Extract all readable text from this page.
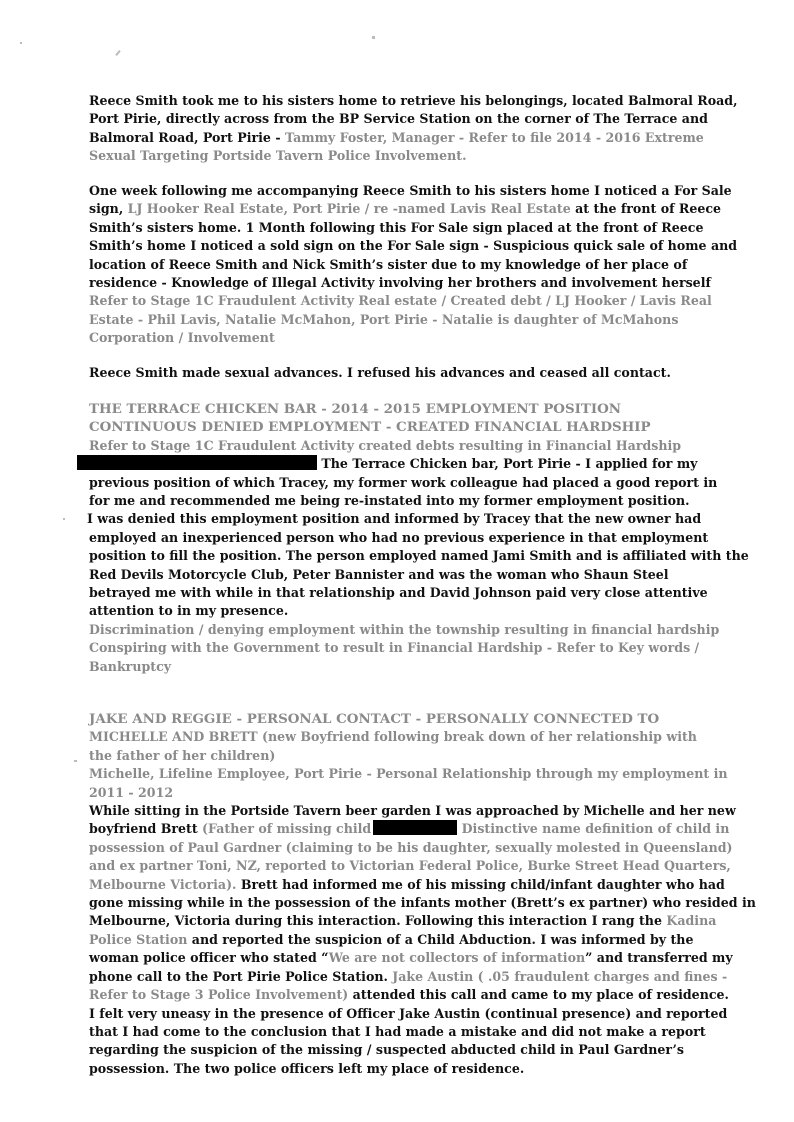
Reece Smith took me to his sisters home to retrieve his belongings, located Balmoral Road,
Port Pirie, directly across from the BP Service Station on the corner of The Terrace and
Balmoral Road, Port Pirie - Tammy Foster, Manager - Refer to file 2014 - 2016 Extreme
Sexual Targeting Portside Tavern Police Involvement.
One week following me accompanying Reece Smith to his sisters home I noticed a For Sale
sign, LJ Hooker Real Estate, Port Pirie / re -named Lavis Real Estate at the front of Reece
Smith’s sisters home. 1 Month following this For Sale sign placed at the front of Reece
Smith’s home I noticed a sold sign on the For Sale sign - Suspicious quick sale of home and
location of Reece Smith and Nick Smith’s sister due to my knowledge of her place of
residence - Knowledge of Illegal Activity involving her brothers and involvement herself
Refer to Stage 1C Fraudulent Activity Real estate / Created debt / LJ Hooker / Lavis Real
Estate - Phil Lavis, Natalie McMahon, Port Pirie - Natalie is daughter of McMahons
Corporation / Involvement
Reece Smith made sexual advances. I refused his advances and ceased all contact.
THE TERRACE CHICKEN BAR - 2014 - 2015 EMPLOYMENT POSITION
CONTINUOUS DENIED EMPLOYMENT - CREATED FINANCIAL HARDSHIP
Refer to Stage 1C Fraudulent Activity created debts resulting in Financial Hardship
The Terrace Chicken bar, Port Pirie - I applied for my
previous position of which Tracey, my former work colleague had placed a good report in
for me and recommended me being re-instated into my former employment position.
I was denied this employment position and informed by Tracey that the new owner had
employed an inexperienced person who had no previous experience in that employment
position to fill the position. The person employed named Jami Smith and is affiliated with the
Red Devils Motorcycle Club, Peter Bannister and was the woman who Shaun Steel
betrayed me with while in that relationship and David Johnson paid very close attentive
attention to in my presence.
Discrimination / denying employment within the township resulting in financial hardship
Conspiring with the Government to result in Financial Hardship - Refer to Key words /
Bankruptcy
JAKE AND REGGIE - PERSONAL CONTACT - PERSONALLY CONNECTED TO
MICHELLE AND BRETT (new Boyfriend following break down of her relationship with
the father of her children)
Michelle, Lifeline Employee, Port Pirie - Personal Relationship through my employment in
2011 - 2012
While sitting in the Portside Tavern beer garden I was approached by Michelle and her new
boyfriend Brett (Father of missing child	Distinctive name definition of child in
possession of Paul Gardner (claiming to be his daughter, sexually molested in Queensland)
and ex partner Toni, NZ, reported to Victorian Federal Police, Burke Street Head Quarters,
Melbourne Victoria). Brett had informed me of his missing child/infant daughter who had
gone missing while in the possession of the infants mother (Brett’s ex partner) who resided in
Melbourne, Victoria during this interaction. Following this interaction I rang the Kadina
Police Station and reported the suspicion of a Child Abduction. I was informed by the
woman police officer who stated “We are not collectors of information” and transferred my
phone call to the Port Pirie Police Station. Jake Austin ( .05 fraudulent charges and fines -
Refer to Stage 3 Police Involvement) attended this call and came to my place of residence.
I felt very uneasy in the presence of Officer Jake Austin (continual presence) and reported
that I had come to the conclusion that I had made a mistake and did not make a report
regarding the suspicion of the missing / suspected abducted child in Paul Gardner’s
possession. The two police officers left my place of residence.
